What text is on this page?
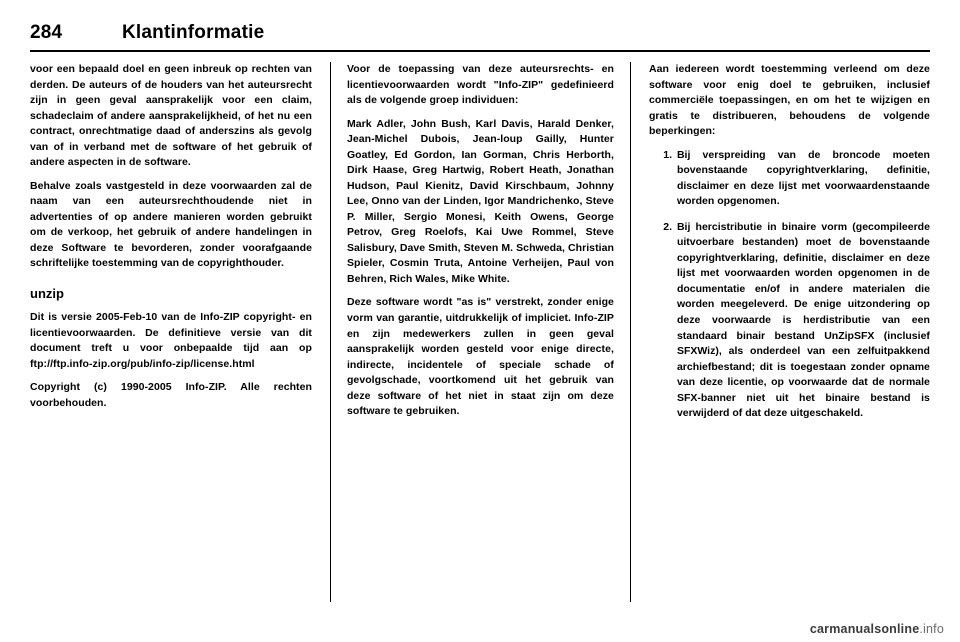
284	Klantinformatie

voor een bepaald doel en geen inbreuk op rechten van derden. De auteurs of de houders van het auteursrecht zijn in geen geval aansprakelijk voor een claim, schadeclaim of andere aansprakelijkheid, of het nu een contract, onrechtmatige daad of anderszins als gevolg van of in verband met de software of het gebruik of andere aspecten in de software.

Behalve zoals vastgesteld in deze voorwaarden zal de naam van een auteursrechthoudende niet in advertenties of op andere manieren worden gebruikt om de verkoop, het gebruik of andere handelingen in deze Software te bevorderen, zonder voorafgaande schriftelijke toestemming van de copyrighthouder.

unzip

Dit is versie 2005-Feb-10 van de Info-ZIP copyright- en licentievoorwaarden. De definitieve versie van dit document treft u voor onbepaalde tijd aan op ftp://ftp.info-zip.org/pub/info-zip/license.html

Copyright (c) 1990-2005 Info-ZIP. Alle rechten voorbehouden.

Voor de toepassing van deze auteursrechts- en licentievoorwaarden wordt "Info-ZIP" gedefinieerd als de volgende groep individuen:

Mark Adler, John Bush, Karl Davis, Harald Denker, Jean-Michel Dubois, Jean-loup Gailly, Hunter Goatley, Ed Gordon, Ian Gorman, Chris Herborth, Dirk Haase, Greg Hartwig, Robert Heath, Jonathan Hudson, Paul Kienitz, David Kirschbaum, Johnny Lee, Onno van der Linden, Igor Mandrichenko, Steve P. Miller, Sergio Monesi, Keith Owens, George Petrov, Greg Roelofs, Kai Uwe Rommel, Steve Salisbury, Dave Smith, Steven M. Schweda, Christian Spieler, Cosmin Truta, Antoine Verheijen, Paul von Behren, Rich Wales, Mike White.

Deze software wordt "as is" verstrekt, zonder enige vorm van garantie, uitdrukkelijk of impliciet. Info-ZIP en zijn medewerkers zullen in geen geval aansprakelijk worden gesteld voor enige directe, indirecte, incidentele of speciale schade of gevolgschade, voortkomend uit het gebruik van deze software of het niet in staat zijn om deze software te gebruiken.

Aan iedereen wordt toestemming verleend om deze software voor enig doel te gebruiken, inclusief commerciële toepassingen, en om het te wijzigen en gratis te distribueren, behoudens de volgende beperkingen:

1. Bij verspreiding van de broncode moeten bovenstaande copyrightverklaring, definitie, disclaimer en deze lijst met voorwaardenstaande worden opgenomen.
2. Bij hercistributie in binaire vorm (gecompileerde uitvoerbare bestanden) moet de bovenstaande copyrightverklaring, definitie, disclaimer en deze lijst met voorwaarden worden opgenomen in de documentatie en/of in andere materialen die worden meegeleverd. De enige uitzondering op deze voorwaarde is herdistributie van een standaard binair bestand UnZipSFX (inclusief SFXWiz), als onderdeel van een zelfuitpakkend archiefbestand; dit is toegestaan zonder opname van deze licentie, op voorwaarde dat de normale SFX-banner niet uit het binaire bestand is verwijderd of dat deze uitgeschakeld.
carmanualsonline.info
